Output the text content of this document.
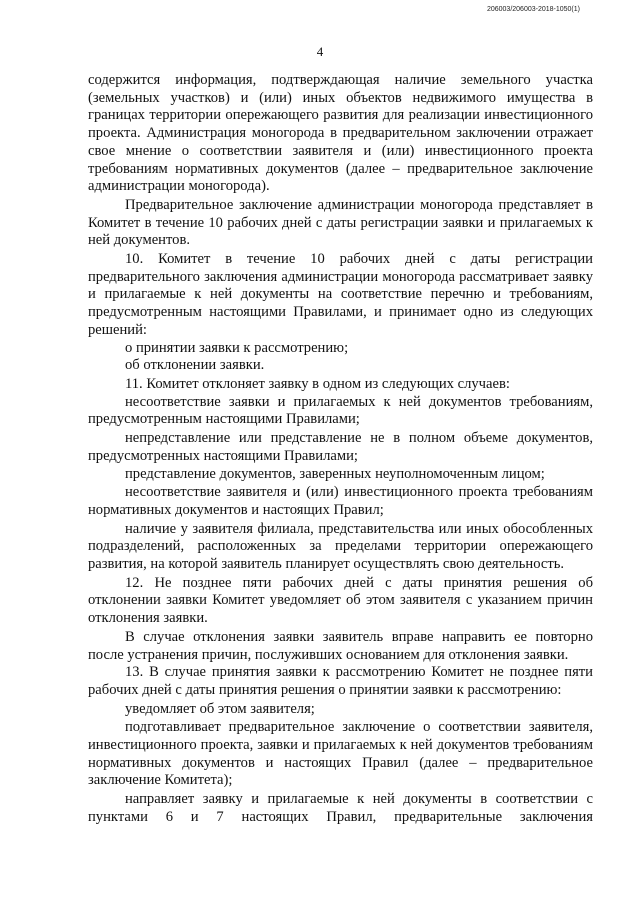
206003/206003-2018-1050(1)
4

содержится информация, подтверждающая наличие земельного участка (земельных участков) и (или) иных объектов недвижимого имущества в границах территории опережающего развития для реализации инвестиционного проекта. Администрация моногорода в предварительном заключении отражает свое мнение о соответствии заявителя и (или) инвестиционного проекта требованиям нормативных документов (далее – предварительное заключение администрации моногорода).

Предварительное заключение администрации моногорода представляет в Комитет в течение 10 рабочих дней с даты регистрации заявки и прилагаемых к ней документов.

10. Комитет в течение 10 рабочих дней с даты регистрации предварительного заключения администрации моногорода рассматривает заявку и прилагаемые к ней документы на соответствие перечню и требованиям, предусмотренным настоящими Правилами, и принимает одно из следующих решений:

о принятии заявки к рассмотрению;

об отклонении заявки.

11. Комитет отклоняет заявку в одном из следующих случаев:

несоответствие заявки и прилагаемых к ней документов требованиям, предусмотренным настоящими Правилами;

непредставление или представление не в полном объеме документов, предусмотренных настоящими Правилами;

представление документов, заверенных неуполномоченным лицом;

несоответствие заявителя и (или) инвестиционного проекта требованиям нормативных документов и настоящих Правил;

наличие у заявителя филиала, представительства или иных обособленных подразделений, расположенных за пределами территории опережающего развития, на которой заявитель планирует осуществлять свою деятельность.

12. Не позднее пяти рабочих дней с даты принятия решения об отклонении заявки Комитет уведомляет об этом заявителя с указанием причин отклонения заявки.

В случае отклонения заявки заявитель вправе направить ее повторно после устранения причин, послуживших основанием для отклонения заявки.

13. В случае принятия заявки к рассмотрению Комитет не позднее пяти рабочих дней с даты принятия решения о принятии заявки к рассмотрению:

уведомляет об этом заявителя;

подготавливает предварительное заключение о соответствии заявителя, инвестиционного проекта, заявки и прилагаемых к ней документов требованиям нормативных документов и настоящих Правил (далее – предварительное заключение Комитета);

направляет заявку и прилагаемые к ней документы в соответствии с пунктами 6 и 7 настоящих Правил, предварительные заключения
